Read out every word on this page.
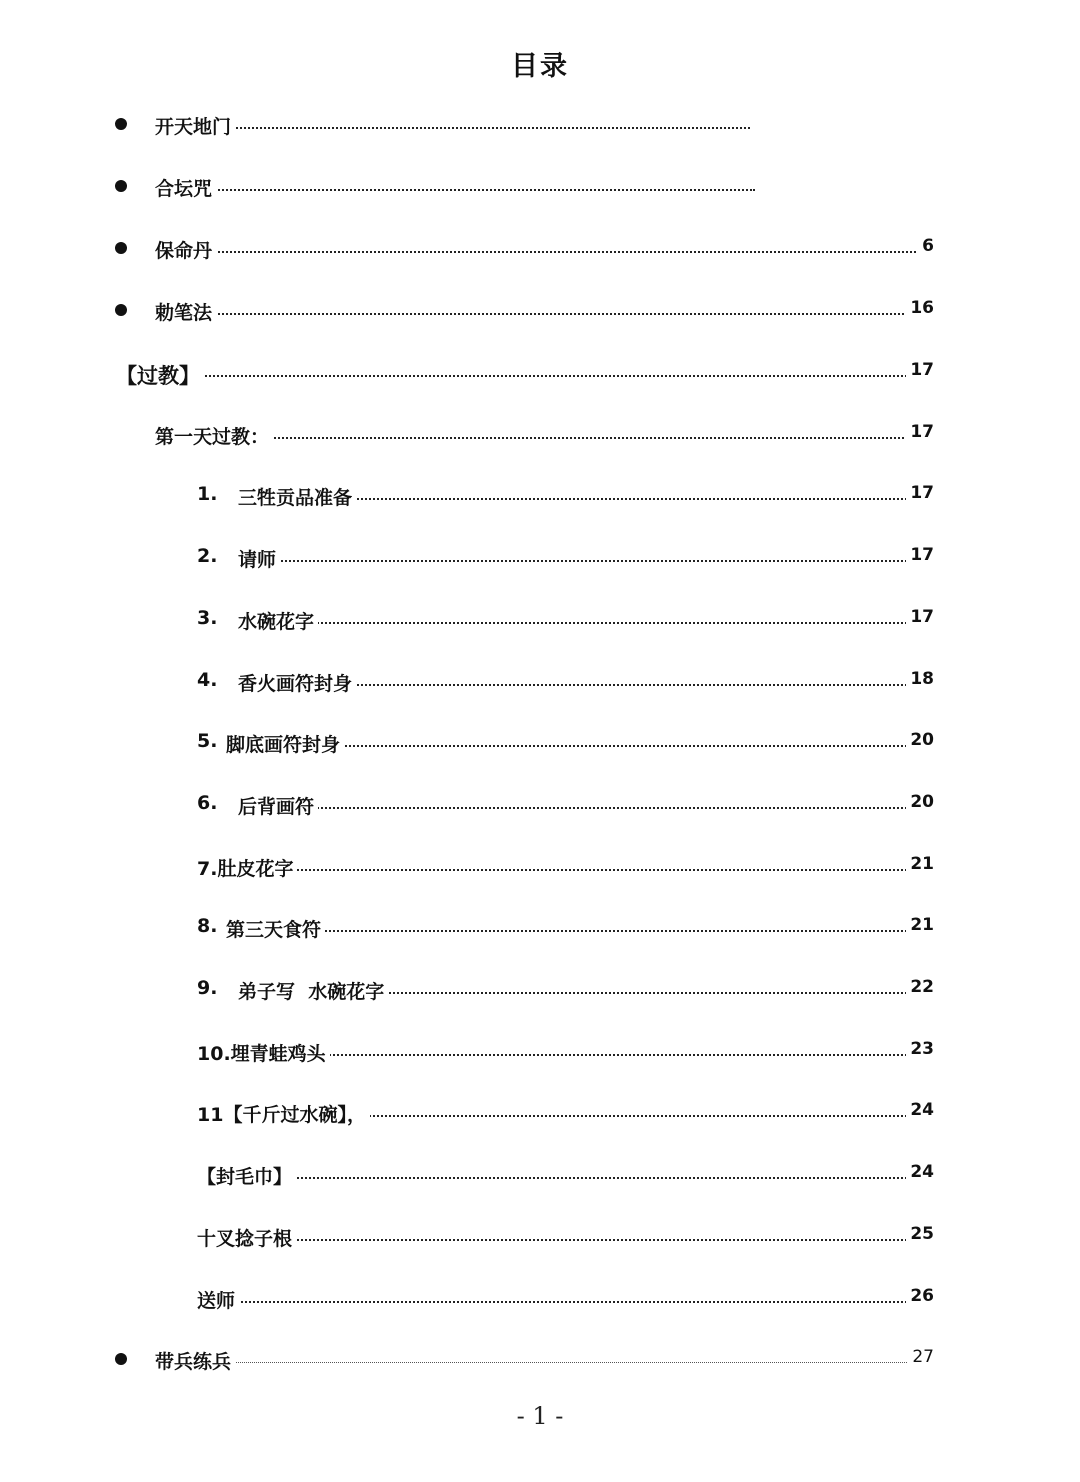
目录
开天地门
合坛咒
保命丹	6
勅笔法	16
【过教】	17
第一天过教：	17
1. 三牲贡品准备	17
2. 请师	17
3. 水碗花字	17
4. 香火画符封身	18
5. 脚底画符封身	20
6. 后背画符	20
7.肚皮花字	21
8. 第三天食符	21
9. 弟子写  水碗花字	22
10.埋青蛙鸡头	23
11【千斤过水碗】，	24
【封毛巾】	24
十叉捻子根	25
送师	26
带兵练兵	27
- 1 -
